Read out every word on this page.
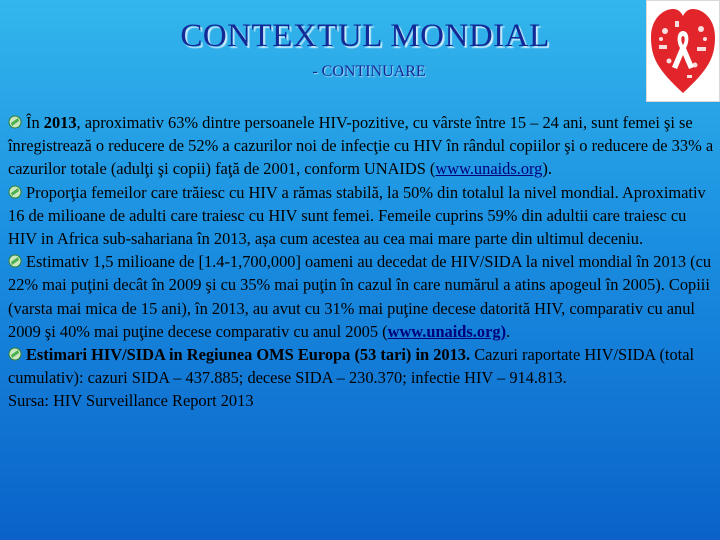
CONTEXTUL MONDIAL
- CONTINUARE

În 2013, aproximativ 63% dintre persoanele HIV-pozitive, cu vârste între 15 – 24 ani, sunt femei şi se înregistrează o reducere de 52% a cazurilor noi de infecţie cu HIV în rândul copiilor şi o reducere de 33% a cazurilor totale (adulţi şi copii) faţă de 2001, conform UNAIDS (www.unaids.org).

Proporţia femeilor care trăiesc cu HIV a rămas stabilă, la 50% din totalul la nivel mondial. Aproximativ 16 de milioane de adulti care traiesc cu HIV sunt femei. Femeile cuprins 59% din adultii care traiesc cu HIV in Africa sub-sahariana în 2013, așa cum acestea au cea mai mare parte din ultimul deceniu.

Estimativ 1,5 milioane de [1.4-1,700,000] oameni au decedat de HIV/SIDA la nivel mondial în 2013 (cu 22% mai puţini decât în 2009 şi cu 35% mai puţin în cazul în care numărul a atins apogeul în 2005). Copiii (varsta mai mica de 15 ani), în 2013, au avut cu 31% mai puţine decese datorită HIV, comparativ cu anul 2009 şi 40% mai puţine decese comparativ cu anul 2005 (www.unaids.org).

Estimari HIV/SIDA in Regiunea OMS Europa (53 tari) in 2013. Cazuri raportate HIV/SIDA (total cumulativ): cazuri SIDA – 437.885; decese SIDA – 230.370; infectie HIV – 914.813.

Sursa: HIV Surveillance Report 2013
